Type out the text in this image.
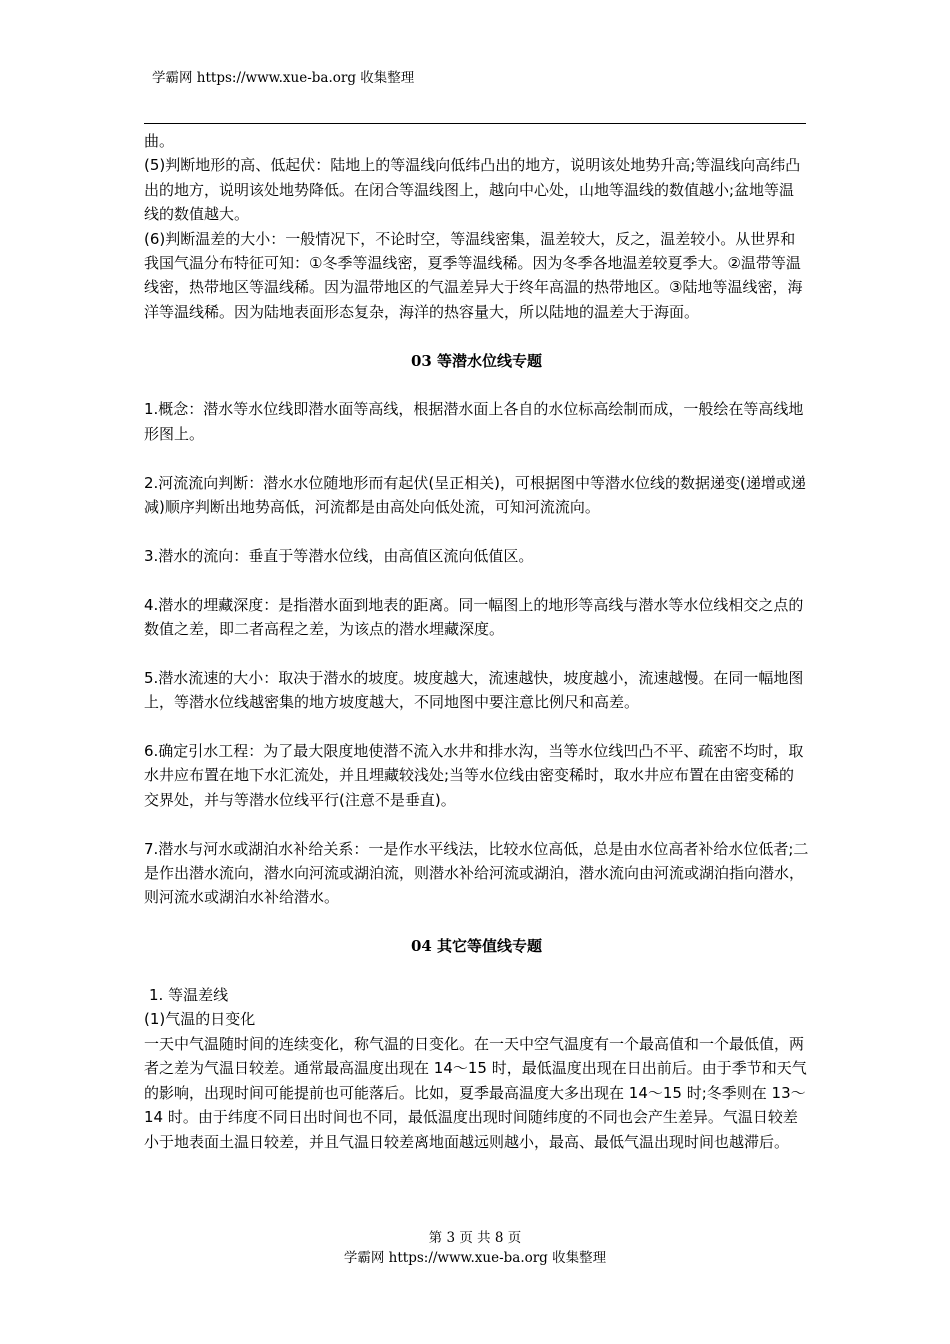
学霸网 https://www.xue-ba.org 收集整理

曲。

(5)判断地形的高、低起伏：陆地上的等温线向低纬凸出的地方，说明该处地势升高;等温线向高纬凸出的地方，说明该处地势降低。在闭合等温线图上，越向中心处，山地等温线的数值越小;盆地等温线的数值越大。

(6)判断温差的大小：一般情况下，不论时空，等温线密集，温差较大，反之，温差较小。从世界和我国气温分布特征可知：①冬季等温线密，夏季等温线稀。因为冬季各地温差较夏季大。②温带等温线密，热带地区等温线稀。因为温带地区的气温差异大于终年高温的热带地区。③陆地等温线密，海洋等温线稀。因为陆地表面形态复杂，海洋的热容量大，所以陆地的温差大于海面。

03 等潜水位线专题

1.概念：潜水等水位线即潜水面等高线，根据潜水面上各自的水位标高绘制而成，一般绘在等高线地形图上。

2.河流流向判断：潜水水位随地形而有起伏(呈正相关)，可根据图中等潜水位线的数据递变(递增或递减)顺序判断出地势高低，河流都是由高处向低处流，可知河流流向。

3.潜水的流向：垂直于等潜水位线，由高值区流向低值区。

4.潜水的埋藏深度：是指潜水面到地表的距离。同一幅图上的地形等高线与潜水等水位线相交之点的数值之差，即二者高程之差，为该点的潜水埋藏深度。

5.潜水流速的大小：取决于潜水的坡度。坡度越大，流速越快，坡度越小，流速越慢。在同一幅地图上，等潜水位线越密集的地方坡度越大，不同地图中要注意比例尺和高差。

6.确定引水工程：为了最大限度地使潜不流入水井和排水沟，当等水位线凹凸不平、疏密不均时，取水井应布置在地下水汇流处，并且埋藏较浅处;当等水位线由密变稀时，取水井应布置在由密变稀的交界处，并与等潜水位线平行(注意不是垂直)。

7.潜水与河水或湖泊水补给关系：一是作水平线法，比较水位高低，总是由水位高者补给水位低者;二是作出潜水流向，潜水向河流或湖泊流，则潜水补给河流或湖泊，潜水流向由河流或湖泊指向潜水，则河流水或湖泊水补给潜水。

04 其它等值线专题

1. 等温差线

(1)气温的日变化

一天中气温随时间的连续变化，称气温的日变化。在一天中空气温度有一个最高值和一个最低值，两者之差为气温日较差。通常最高温度出现在 14～15 时，最低温度出现在日出前后。由于季节和天气的影响，出现时间可能提前也可能落后。比如，夏季最高温度大多出现在 14～15 时;冬季则在 13～14 时。由于纬度不同日出时间也不同，最低温度出现时间随纬度的不同也会产生差异。气温日较差小于地表面土温日较差，并且气温日较差离地面越远则越小，最高、最低气温出现时间也越滞后。

第 3 页 共 8 页
学霸网 https://www.xue-ba.org 收集整理
